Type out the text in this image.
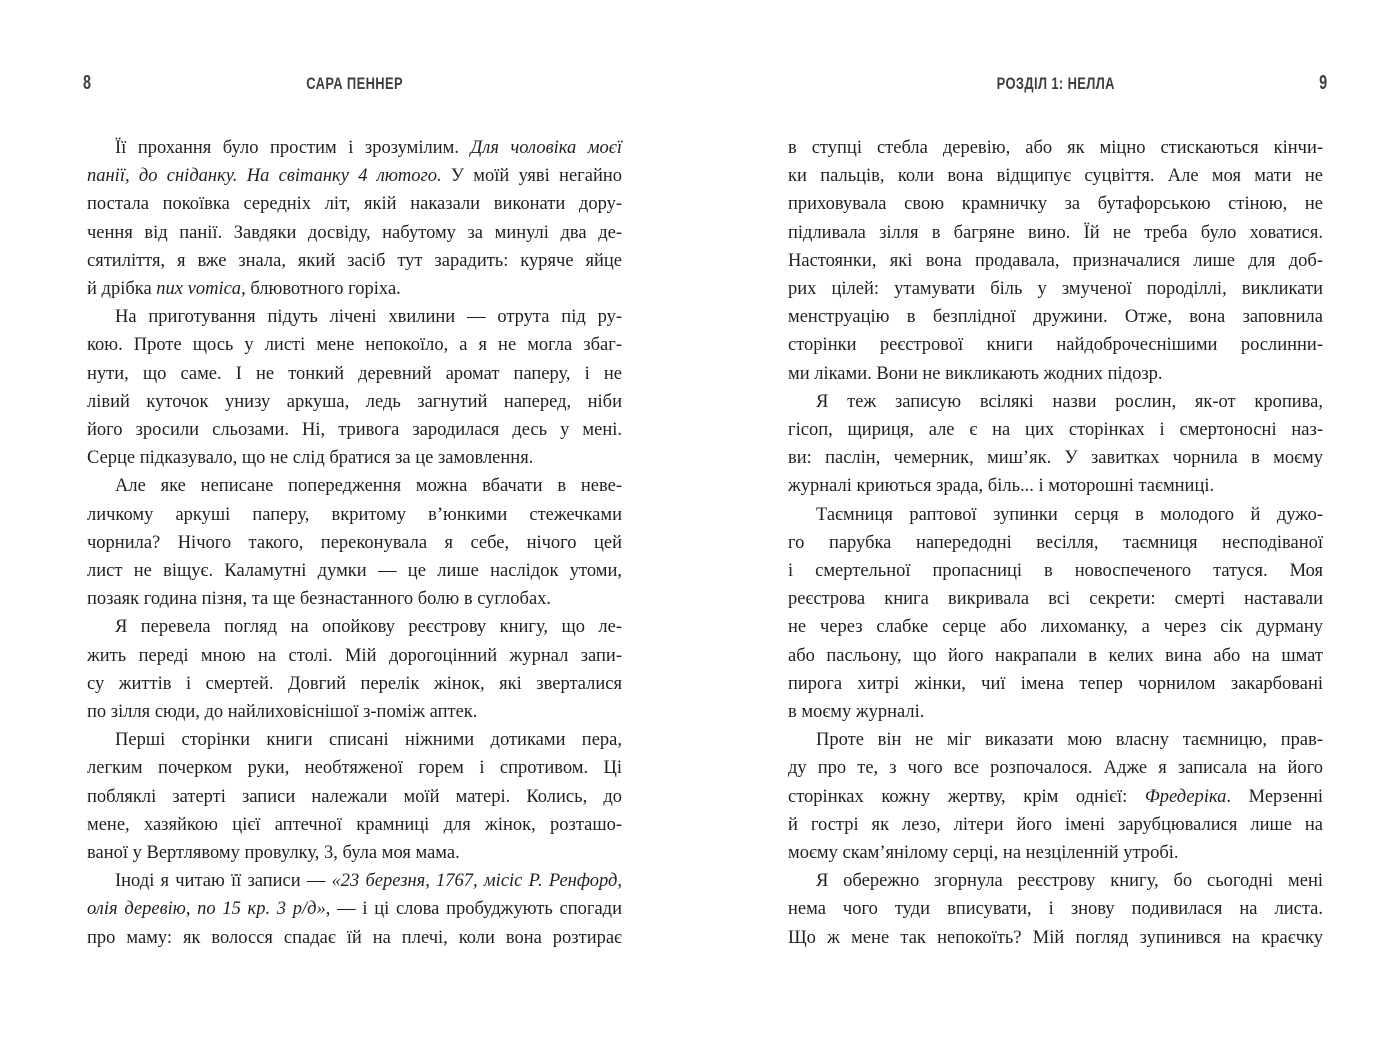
8	САРА ПЕННЕР
Її прохання було простим і зрозумілим. Для чоловіка моєї
панії, до сніданку. На світанку 4 лютого. У моїй уяві негайно
постала покоївка середніх літ, якій наказали виконати дору-
чення від панії. Завдяки досвіду, набутому за минулі два де-
сятиліття, я вже знала, який засіб тут зарадить: куряче яйце
й дрібка nux vomica, блювотного горіха.
На приготування підуть лічені хвилини — отрута під ру-
кою. Проте щось у листі мене непокоїло, а я не могла збаг-
нути, що саме. І не тонкий деревний аромат паперу, і не
лівий куточок унизу аркуша, ледь загнутий наперед, ніби
його зросили сльозами. Ні, тривога зародилася десь у мені.
Серце підказувало, що не слід братися за це замовлення.
Але яке неписане попередження можна вбачати в неве-
личкому аркуші паперу, вкритому в’юнкими стежечками
чорнила? Нічого такого, переконувала я себе, нічого цей
лист не віщує. Каламутні думки — це лише наслідок утоми,
позаяк година пізня, та ще безнастанного болю в суглобах.
Я перевела погляд на опойкову реєстрову книгу, що ле-
жить переді мною на столі. Мій дорогоцінний журнал запи-
су життів і смертей. Довгий перелік жінок, які зверталися
по зілля сюди, до найлиховіснішої з-поміж аптек.
Перші сторінки книги списані ніжними дотиками пера,
легким почерком руки, необтяженої горем і спротивом. Ці
побляклі затерті записи належали моїй матері. Колись, до
мене, хазяйкою цієї аптечної крамниці для жінок, розташо-
ваної у Вертлявому провулку, 3, була моя мама.
Іноді я читаю її записи — «23 березня, 1767, місіс Р. Ренфорд,
олія деревію, по 15 кр. 3 р/д», — і ці слова пробуджують спогади
про маму: як волосся спадає їй на плечі, коли вона розтирає
РОЗДІЛ 1: НЕЛЛА	9
в ступці стебла деревію, або як міцно стискаються кінчи-
ки пальців, коли вона відщипує суцвіття. Але моя мати не
приховувала свою крамничку за бутафорською стіною, не
підливала зілля в багряне вино. Їй не треба було ховатися.
Настоянки, які вона продавала, призначалися лише для доб-
рих цілей: утамувати біль у змученої породіллі, викликати
менструацію в безплідної дружини. Отже, вона заповнила
сторінки реєстрової книги найдоброчеснішими рослинни-
ми ліками. Вони не викликають жодних підозр.
Я теж записую всілякі назви рослин, як-от кропива,
гісоп, щириця, але є на цих сторінках і смертоносні наз-
ви: паслін, чемерник, миш’як. У завитках чорнила в моєму
журналі криються зрада, біль... і моторошні таємниці.
Таємниця раптової зупинки серця в молодого й дужо-
го парубка напередодні весілля, таємниця несподіваної
і смертельної пропасниці в новоспеченого татуся. Моя
реєстрова книга викривала всі секрети: смерті наставали
не через слабке серце або лихоманку, а через сік дурману
або пасльону, що його накрапали в келих вина або на шмат
пирога хитрі жінки, чиї імена тепер чорнилом закарбовані
в моєму журналі.
Проте він не міг виказати мою власну таємницю, прав-
ду про те, з чого все розпочалося. Адже я записала на його
сторінках кожну жертву, крім однієї: Фредеріка. Мерзенні
й гострі як лезо, літери його імені зарубцювалися лише на
моєму скам’янілому серці, на незціленній утробі.
Я обережно згорнула реєстрову книгу, бо сьогодні мені
нема чого туди вписувати, і знову подивилася на листа.
Що ж мене так непокоїть? Мій погляд зупинився на краєчку
